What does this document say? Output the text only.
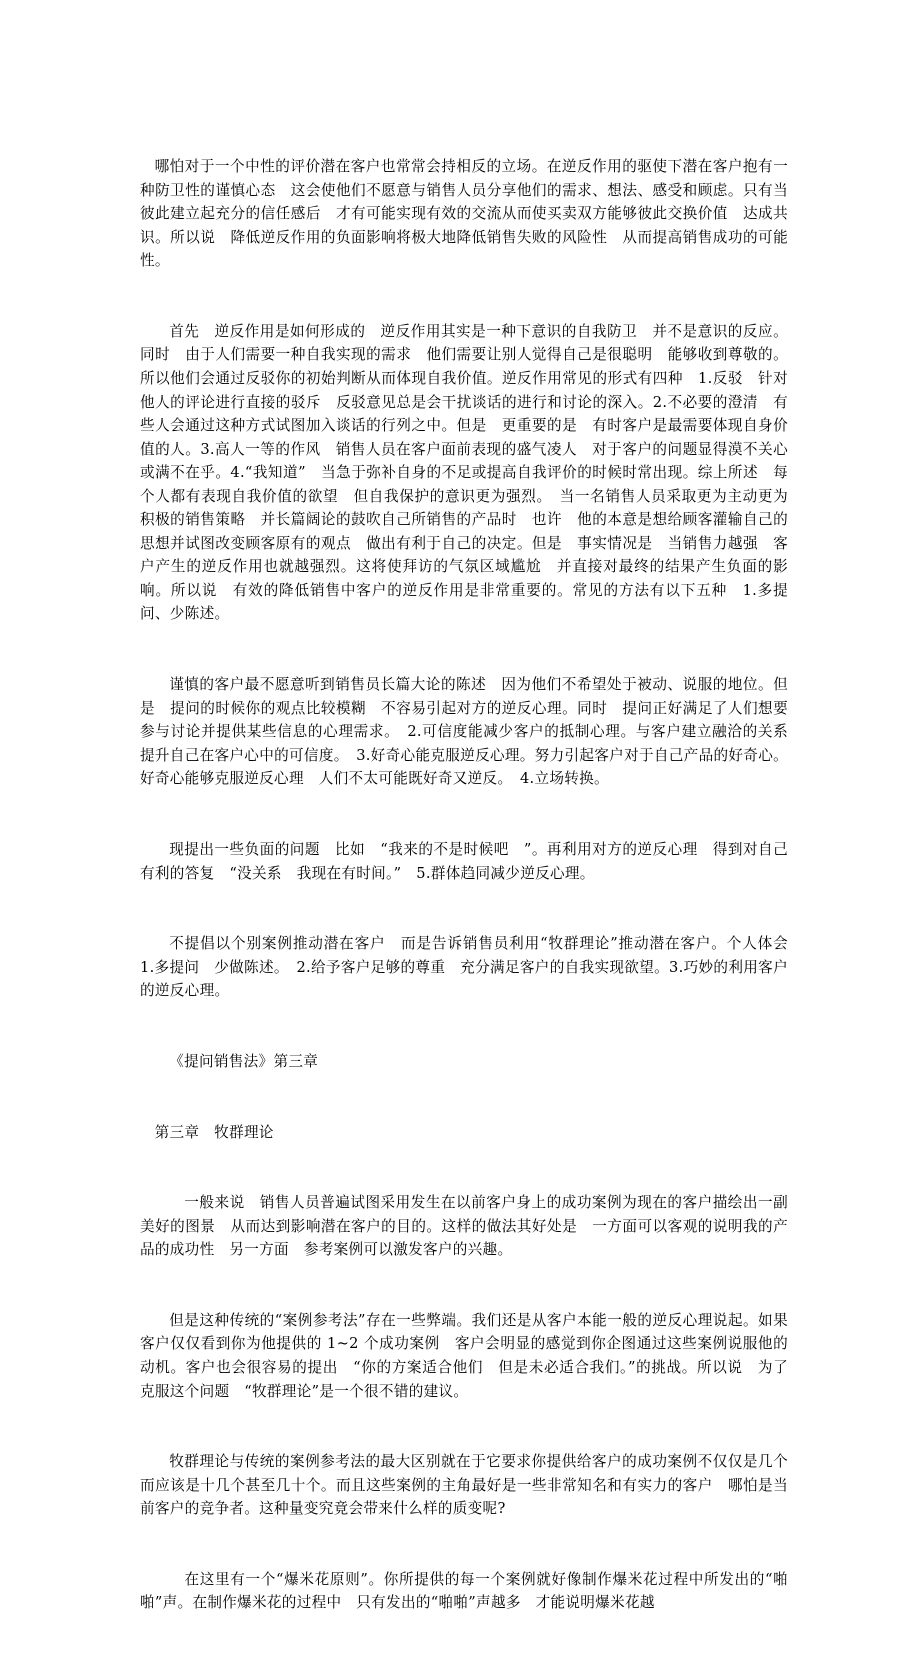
哪怕对于一个中性的评价潜在客户也常常会持相反的立场。在逆反作用的驱使下潜在客户抱有一种防卫性的谨慎心态　这会使他们不愿意与销售人员分享他们的需求、想法、感受和顾虑。只有当彼此建立起充分的信任感后　才有可能实现有效的交流从而使买卖双方能够彼此交换价值　达成共识。所以说　降低逆反作用的负面影响将极大地降低销售失败的风险性　从而提高销售成功的可能性。

首先　逆反作用是如何形成的　逆反作用其实是一种下意识的自我防卫　并不是意识的反应。同时　由于人们需要一种自我实现的需求　他们需要让别人觉得自己是很聪明　能够收到尊敬的。所以他们会通过反驳你的初始判断从而体现自我价值。逆反作用常见的形式有四种　1.反驳　针对他人的评论进行直接的驳斥　反驳意见总是会干扰谈话的进行和讨论的深入。2.不必要的澄清　有些人会通过这种方式试图加入谈话的行列之中。但是　更重要的是　有时客户是最需要体现自身价值的人。3.高人一等的作风　销售人员在客户面前表现的盛气凌人　对于客户的问题显得漠不关心或满不在乎。4.“我知道”　当急于弥补自身的不足或提高自我评价的时候时常出现。综上所述　每个人都有表现自我价值的欲望　但自我保护的意识更为强烈。　当一名销售人员采取更为主动更为积极的销售策略　并长篇阔论的鼓吹自己所销售的产品时　也许　他的本意是想给顾客灌输自己的思想并试图改变顾客原有的观点　做出有利于自己的决定。但是　事实情况是　当销售力越强　客户产生的逆反作用也就越强烈。这将使拜访的气氛区域尴尬　并直接对最终的结果产生负面的影响。所以说　有效的降低销售中客户的逆反作用是非常重要的。常见的方法有以下五种　1.多提问、少陈述。

谨慎的客户最不愿意听到销售员长篇大论的陈述　因为他们不希望处于被动、说服的地位。但是　提问的时候你的观点比较模糊　不容易引起对方的逆反心理。同时　提问正好满足了人们想要参与讨论并提供某些信息的心理需求。　2.可信度能减少客户的抵制心理。与客户建立融洽的关系　提升自己在客户心中的可信度。　3.好奇心能克服逆反心理。努力引起客户对于自己产品的好奇心。好奇心能够克服逆反心理　人们不太可能既好奇又逆反。　4.立场转换。

现提出一些负面的问题　比如　“我来的不是时候吧　”。再利用对方的逆反心理　得到对自己有利的答复　“没关系　我现在有时间。”　5.群体趋同减少逆反心理。

不提倡以个别案例推动潜在客户　而是告诉销售员利用“牧群理论”推动潜在客户。个人体会　1.多提问　少做陈述。　2.给予客户足够的尊重　充分满足客户的自我实现欲望。3.巧妙的利用客户的逆反心理。

《提问销售法》第三章

第三章　牧群理论

　一般来说　销售人员普遍试图采用发生在以前客户身上的成功案例为现在的客户描绘出一副美好的图景　从而达到影响潜在客户的目的。这样的做法其好处是　一方面可以客观的说明我的产品的成功性　另一方面　参考案例可以激发客户的兴趣。

但是这种传统的“案例参考法”存在一些弊端。我们还是从客户本能一般的逆反心理说起。如果客户仅仅看到你为他提供的 1~2 个成功案例　客户会明显的感觉到你企图通过这些案例说服他的动机。客户也会很容易的提出　“你的方案适合他们　但是未必适合我们。”的挑战。所以说　为了克服这个问题　“牧群理论”是一个很不错的建议。

牧群理论与传统的案例参考法的最大区别就在于它要求你提供给客户的成功案例不仅仅是几个　而应该是十几个甚至几十个。而且这些案例的主角最好是一些非常知名和有实力的客户　哪怕是当前客户的竞争者。这种量变究竟会带来什么样的质变呢?

　在这里有一个“爆米花原则”。你所提供的每一个案例就好像制作爆米花过程中所发出的“啪啪”声。在制作爆米花的过程中　只有发出的“啪啪”声越多　才能说明爆米花越
